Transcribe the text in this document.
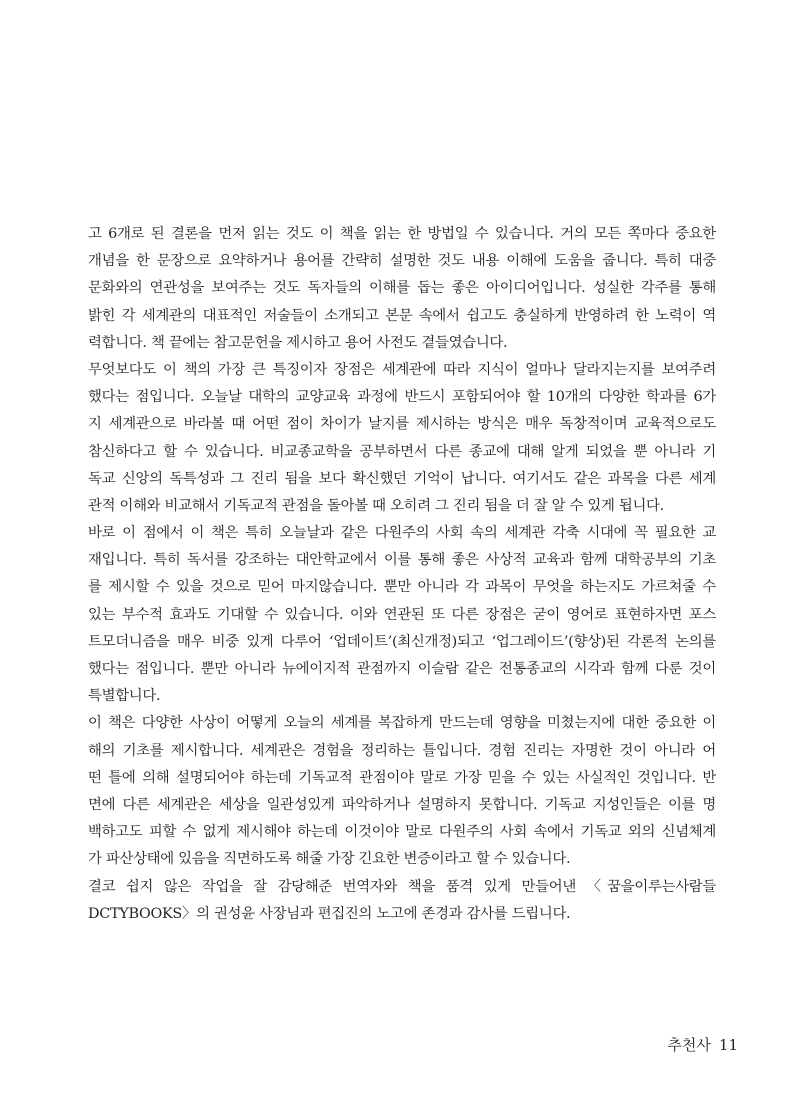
고 6개로 된 결론을 먼저 읽는 것도 이 책을 읽는 한 방법일 수 있습니다. 거의 모든 쪽마다 중요한
개념을 한 문장으로 요약하거나 용어를 간략히 설명한 것도 내용 이해에 도움을 줍니다. 특히 대중
문화와의 연관성을 보여주는 것도 독자들의 이해를 돕는 좋은 아이디어입니다. 성실한 각주를 통해
밝힌 각 세계관의 대표적인 저술들이 소개되고 본문 속에서 쉽고도 충실하게 반영하려 한 노력이 역
력합니다. 책 끝에는 참고문헌을 제시하고 용어 사전도 곁들였습니다.
무엇보다도 이 책의 가장 큰 특징이자 장점은 세계관에 따라 지식이 얼마나 달라지는지를 보여주려
했다는 점입니다. 오늘날 대학의 교양교육 과정에 반드시 포함되어야 할 10개의 다양한 학과를 6가
지 세계관으로 바라볼 때 어떤 점이 차이가 날지를 제시하는 방식은 매우 독창적이며 교육적으로도
참신하다고 할 수 있습니다. 비교종교학을 공부하면서 다른 종교에 대해 알게 되었을 뿐 아니라 기
독교 신앙의 독특성과 그 진리 됨을 보다 확신했던 기억이 납니다. 여기서도 같은 과목을 다른 세계
관적 이해와 비교해서 기독교적 관점을 돌아볼 때 오히려 그 진리 됨을 더 잘 알 수 있게 됩니다.
바로 이 점에서 이 책은 특히 오늘날과 같은 다원주의 사회 속의 세계관 각축 시대에 꼭 필요한 교
재입니다. 특히 독서를 강조하는 대안학교에서 이를 통해 좋은 사상적 교육과 함께 대학공부의 기초
를 제시할 수 있을 것으로 믿어 마지않습니다. 뿐만 아니라 각 과목이 무엇을 하는지도 가르쳐줄 수
있는 부수적 효과도 기대할 수 있습니다. 이와 연관된 또 다른 장점은 굳이 영어로 표현하자면 포스
트모더니즘을 매우 비중 있게 다루어 ‘업데이트’(최신개정)되고 ‘업그레이드’(향상)된 각론적 논의를
했다는 점입니다. 뿐만 아니라 뉴에이지적 관점까지 이슬람 같은 전통종교의 시각과 함께 다룬 것이
특별합니다.
이 책은 다양한 사상이 어떻게 오늘의 세계를 복잡하게 만드는데 영향을 미쳤는지에 대한 중요한 이
해의 기초를 제시합니다. 세계관은 경험을 정리하는 틀입니다. 경험 진리는 자명한 것이 아니라 어
떤 틀에 의해 설명되어야 하는데 기독교적 관점이야 말로 가장 믿을 수 있는 사실적인 것입니다. 반
면에 다른 세계관은 세상을 일관성있게 파악하거나 설명하지 못합니다. 기독교 지성인들은 이를 명
백하고도 피할 수 없게 제시해야 하는데 이것이야 말로 다원주의 사회 속에서 기독교 외의 신념체계
가 파산상태에 있음을 직면하도록 해줄 가장 긴요한 변증이라고 할 수 있습니다.
결코 쉽지 않은 작업을 잘 감당해준 번역자와 책을 품격 있게 만들어낸 〈꿈을이루는사람들
DCTYBOOKS〉의 권성윤 사장님과 편집진의 노고에 존경과 감사를 드립니다.
추천사 11
